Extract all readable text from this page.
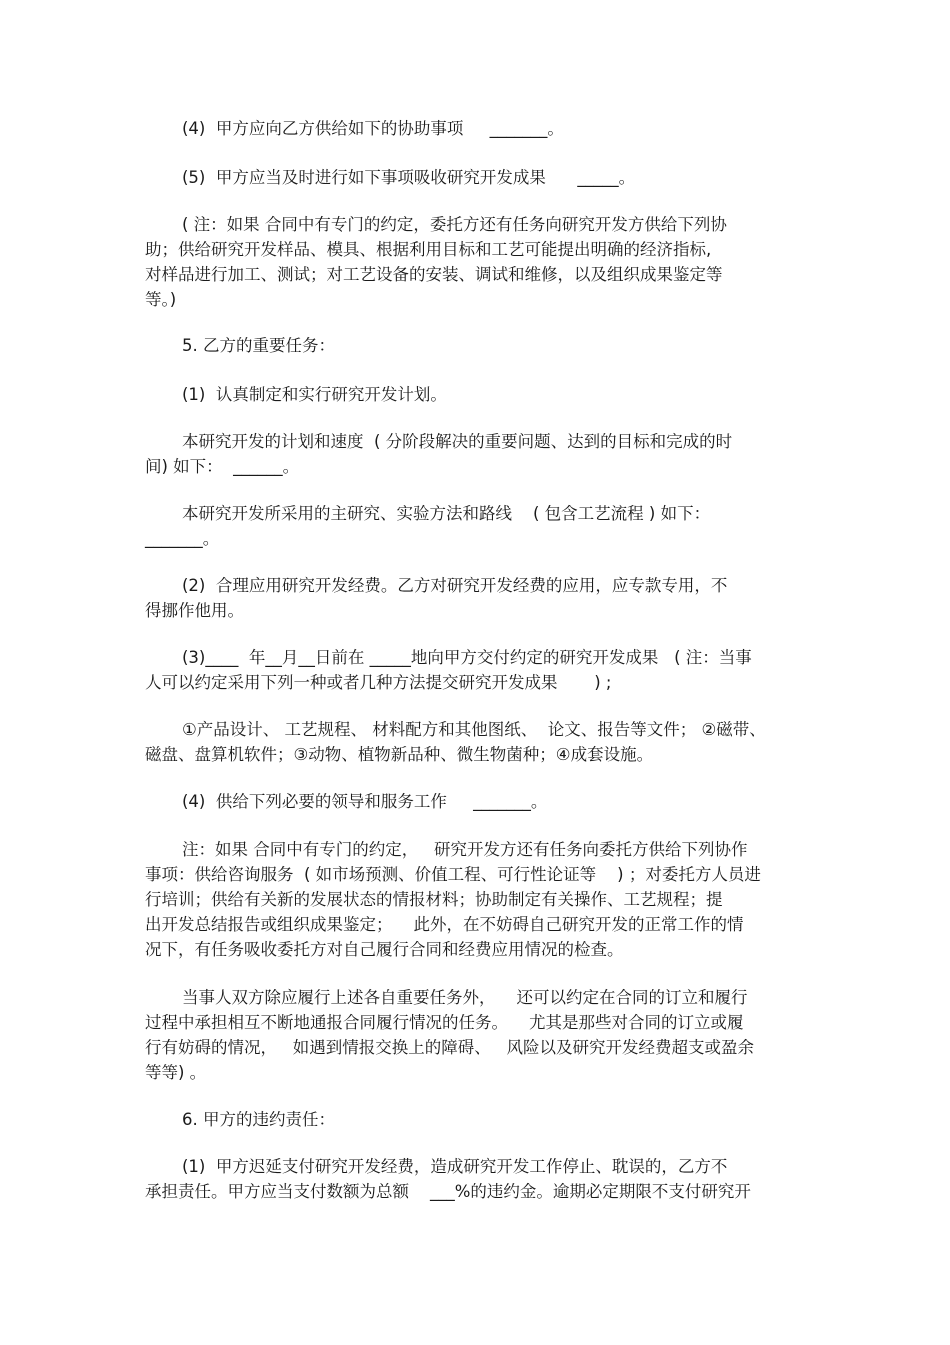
(4)  甲方应向乙方供给如下的协助事项     _______。

(5)  甲方应当及时进行如下事项吸收研究开发成果      _____。

( 注：如果 合同中有专门的约定，委托方还有任务向研究开发方供给下列协

助；供给研究开发样品、模具、根据利用目标和工艺可能提出明确的经济指标,

对样品进行加工、测试；对工艺设备的安装、调试和维修，以及组织成果鉴定等

等。)

5. 乙方的重要任务：

(1)  认真制定和实行研究开发计划。

本研究开发的计划和速度  ( 分阶段解决的重要问题、达到的目标和完成的时

间) 如下：  ______。

本研究开发所采用的主研究、实验方法和路线    ( 包含工艺流程 ) 如下：

_______。

(2)  合理应用研究开发经费。乙方对研究开发经费的应用，应专款专用，不

得挪作他用。

(3)____  年__月__日前在 _____地向甲方交付约定的研究开发成果   ( 注：当事

人可以约定采用下列一种或者几种方法提交研究开发成果       ) ;

①产品设计、 工艺规程、 材料配方和其他图纸、  论文、报告等文件； ②磁带、

磁盘、盘算机软件；③动物、植物新品种、微生物菌种；④成套设施。

(4)  供给下列必要的领导和服务工作     _______。

注：如果 合同中有专门的约定，   研究开发方还有任务向委托方供给下列协作

事项：供给咨询服务  ( 如市场预测、价值工程、可行性论证等    ) ；对委托方人员进

行培训；供给有关新的发展状态的情报材料；协助制定有关操作、工艺规程；提

出开发总结报告或组织成果鉴定；    此外，在不妨碍自己研究开发的正常工作的情

况下，有任务吸收委托方对自己履行合同和经费应用情况的检查。

当事人双方除应履行上述各自重要任务外，    还可以约定在合同的订立和履行

过程中承担相互不断地通报合同履行情况的任务。    尤其是那些对合同的订立或履

行有妨碍的情况，   如遇到情报交换上的障碍、   风险以及研究开发经费超支或盈余

等等) 。

6. 甲方的违约责任：

(1)  甲方迟延支付研究开发经费，造成研究开发工作停止、耽误的，乙方不

承担责任。甲方应当支付数额为总额    ___%的违约金。逾期必定期限不支付研究开
